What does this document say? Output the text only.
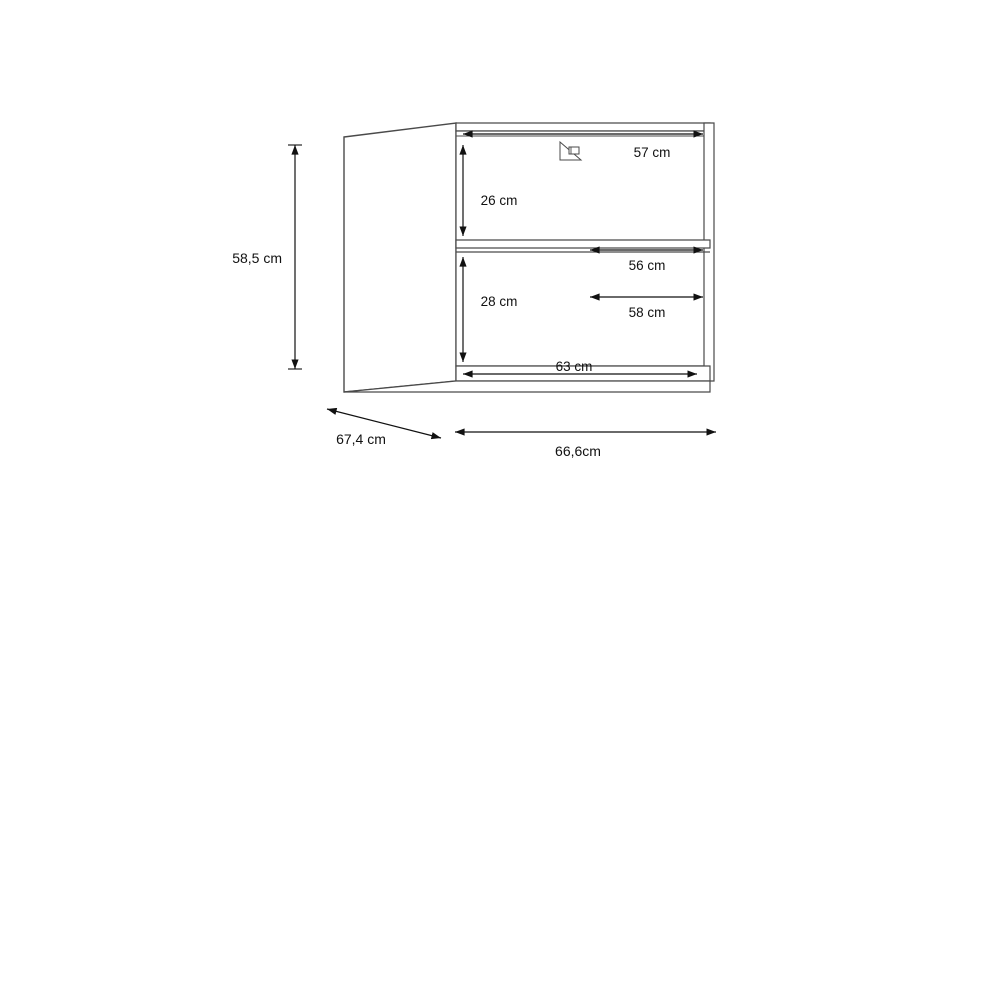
58,5 cm
26 cm
28 cm
57 cm
56 cm
58 cm
63 cm
67,4 cm
66,6cm
